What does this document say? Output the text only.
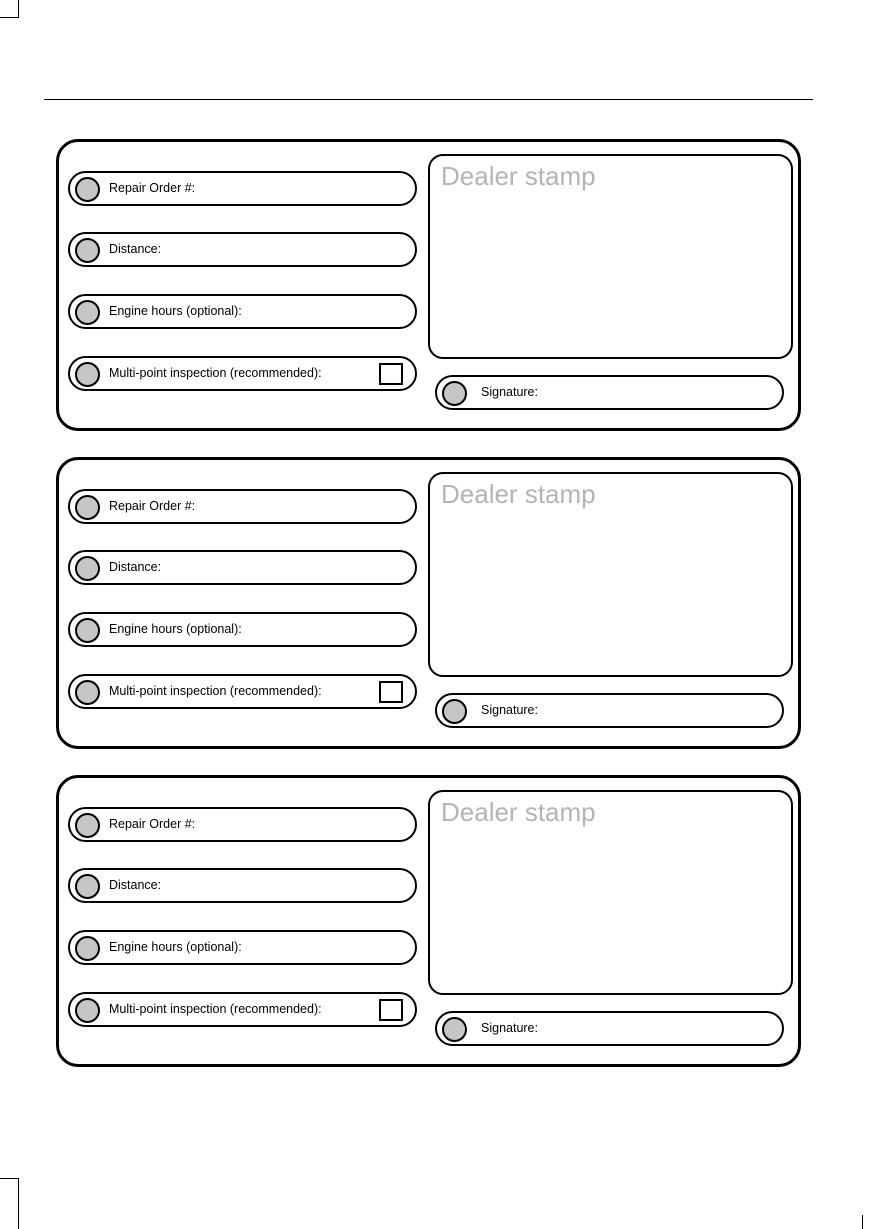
Repair Order #:
Distance:
Engine hours (optional):
Multi-point inspection (recommended):
Dealer stamp
Signature:
Repair Order #:
Distance:
Engine hours (optional):
Multi-point inspection (recommended):
Dealer stamp
Signature:
Repair Order #:
Distance:
Engine hours (optional):
Multi-point inspection (recommended):
Dealer stamp
Signature:
